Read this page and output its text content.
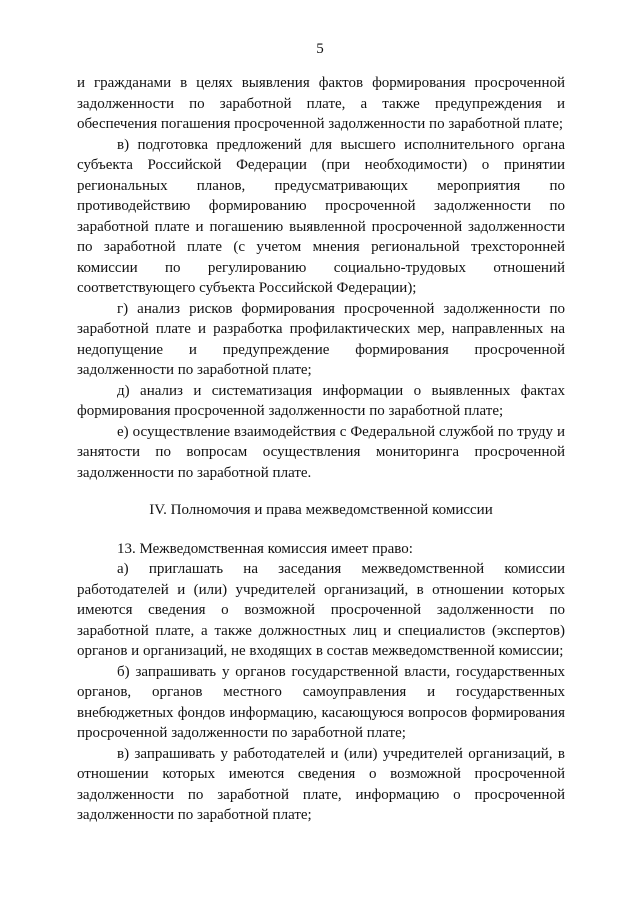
5

и гражданами в целях выявления фактов формирования просроченной задолженности по заработной плате, а также предупреждения и обеспечения погашения просроченной задолженности по заработной плате;

в) подготовка предложений для высшего исполнительного органа субъекта Российской Федерации (при необходимости) о принятии региональных планов, предусматривающих мероприятия по противодействию формированию просроченной задолженности по заработной плате и погашению выявленной просроченной задолженности по заработной плате (с учетом мнения региональной трехсторонней комиссии по регулированию социально-трудовых отношений соответствующего субъекта Российской Федерации);

г) анализ рисков формирования просроченной задолженности по заработной плате и разработка профилактических мер, направленных на недопущение и предупреждение формирования просроченной задолженности по заработной плате;

д) анализ и систематизация информации о выявленных фактах формирования просроченной задолженности по заработной плате;

е) осуществление взаимодействия с Федеральной службой по труду и занятости по вопросам осуществления мониторинга просроченной задолженности по заработной плате.

IV. Полномочия и права межведомственной комиссии

13. Межведомственная комиссия имеет право:

а) приглашать на заседания межведомственной комиссии работодателей и (или) учредителей организаций, в отношении которых имеются сведения о возможной просроченной задолженности по заработной плате, а также должностных лиц и специалистов (экспертов) органов и организаций, не входящих в состав межведомственной комиссии;

б) запрашивать у органов государственной власти, государственных органов, органов местного самоуправления и государственных внебюджетных фондов информацию, касающуюся вопросов формирования просроченной задолженности по заработной плате;

в) запрашивать у работодателей и (или) учредителей организаций, в отношении которых имеются сведения о возможной просроченной задолженности по заработной плате, информацию о просроченной задолженности по заработной плате;
